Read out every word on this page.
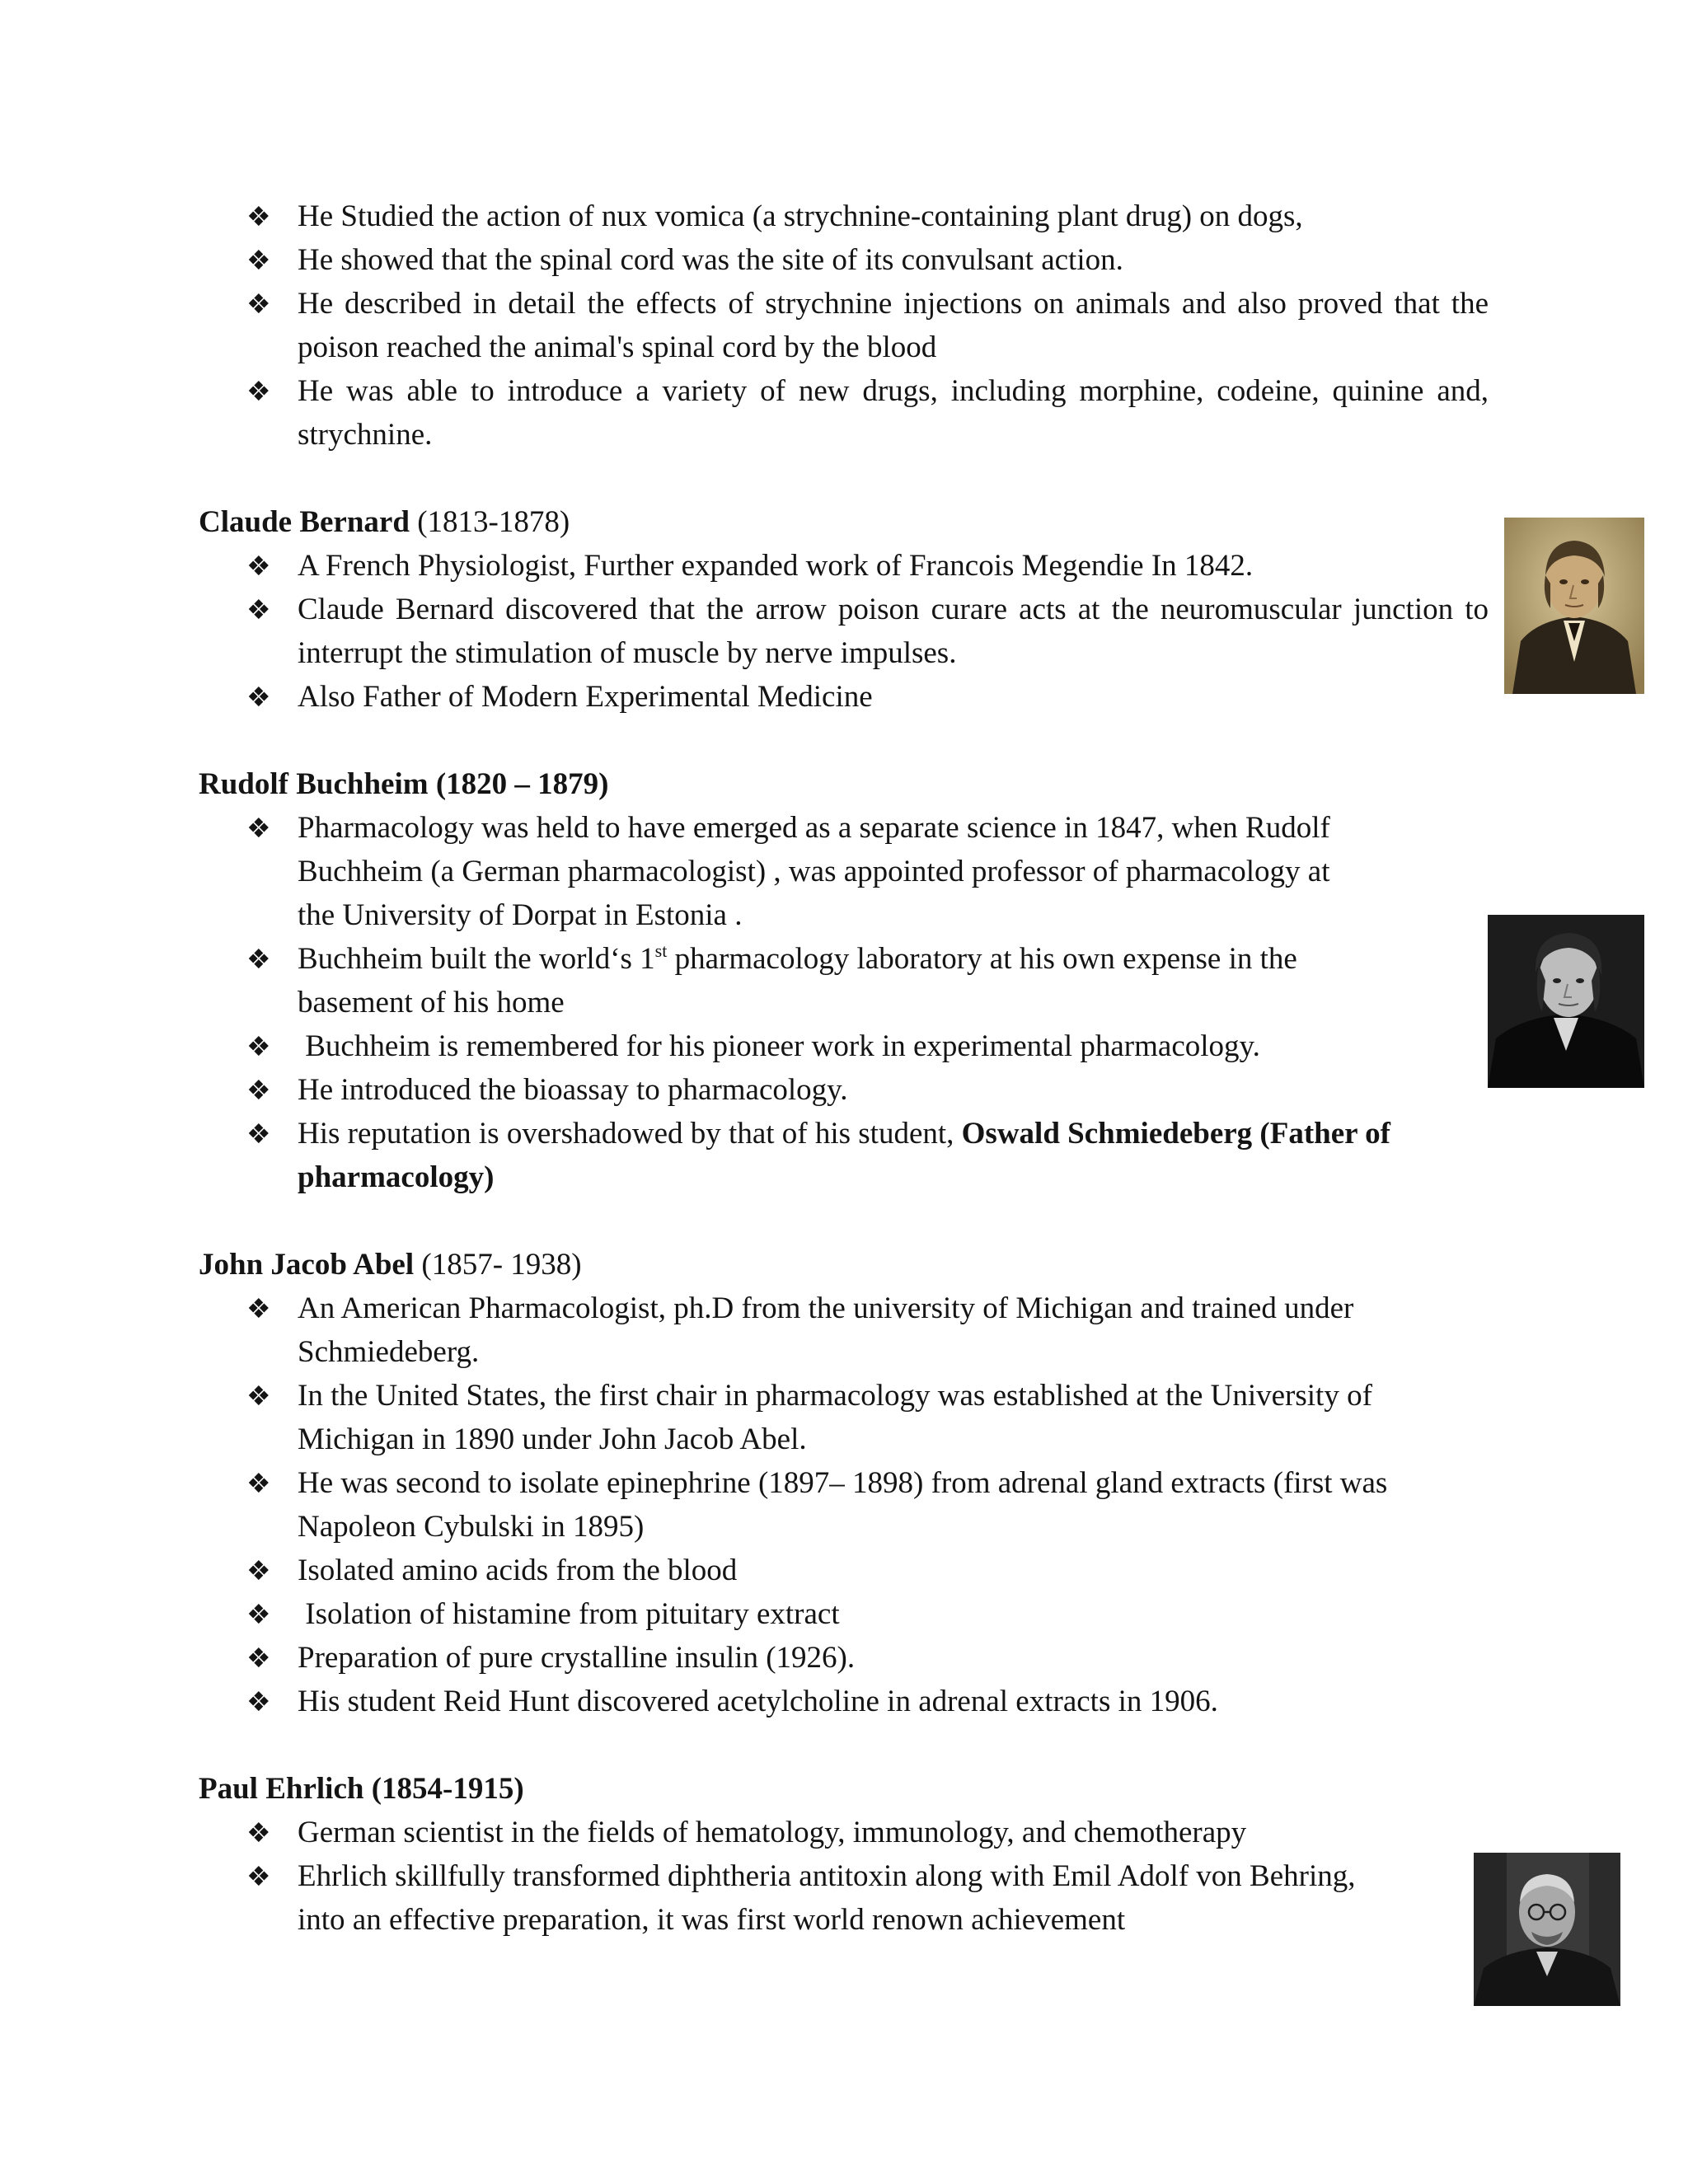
❖ He Studied the action of nux vomica (a strychnine-containing plant drug) on dogs,
❖ He showed that the spinal cord was the site of its convulsant action.
❖ He described in detail the effects of strychnine injections on animals and also proved that the poison reached the animal's spinal cord by the blood
❖ He was able to introduce a variety of new drugs, including morphine, codeine, quinine and, strychnine.

Claude Bernard (1813-1878)

❖ A French Physiologist, Further expanded work of Francois Megendie In 1842.
❖ Claude Bernard discovered that the arrow poison curare acts at the neuromuscular junction to interrupt the stimulation of muscle by nerve impulses.
❖ Also Father of Modern Experimental Medicine

Rudolf Buchheim (1820 – 1879)

❖ Pharmacology was held to have emerged as a separate science in 1847, when Rudolf Buchheim (a German pharmacologist) , was appointed professor of pharmacology at the University of Dorpat in Estonia .
❖ Buchheim built the world‘s 1st pharmacology laboratory at his own expense in the basement of his home
❖ Buchheim is remembered for his pioneer work in experimental pharmacology.
❖ He introduced the bioassay to pharmacology.
❖ His reputation is overshadowed by that of his student, Oswald Schmiedeberg (Father of pharmacology)

John Jacob Abel (1857- 1938)

❖ An American Pharmacologist, ph.D from the university of Michigan and trained under Schmiedeberg.
❖ In the United States, the first chair in pharmacology was established at the University of Michigan in 1890 under John Jacob Abel.
❖ He was second to isolate epinephrine (1897– 1898) from adrenal gland extracts (first was Napoleon Cybulski in 1895)
❖ Isolated amino acids from the blood
❖ Isolation of histamine from pituitary extract
❖ Preparation of pure crystalline insulin (1926).
❖ His student Reid Hunt discovered acetylcholine in adrenal extracts in 1906.

Paul Ehrlich (1854-1915)

❖ German scientist in the fields of hematology, immunology, and chemotherapy
❖ Ehrlich skillfully transformed diphtheria antitoxin along with Emil Adolf von Behring, into an effective preparation, it was first world renown achievement
